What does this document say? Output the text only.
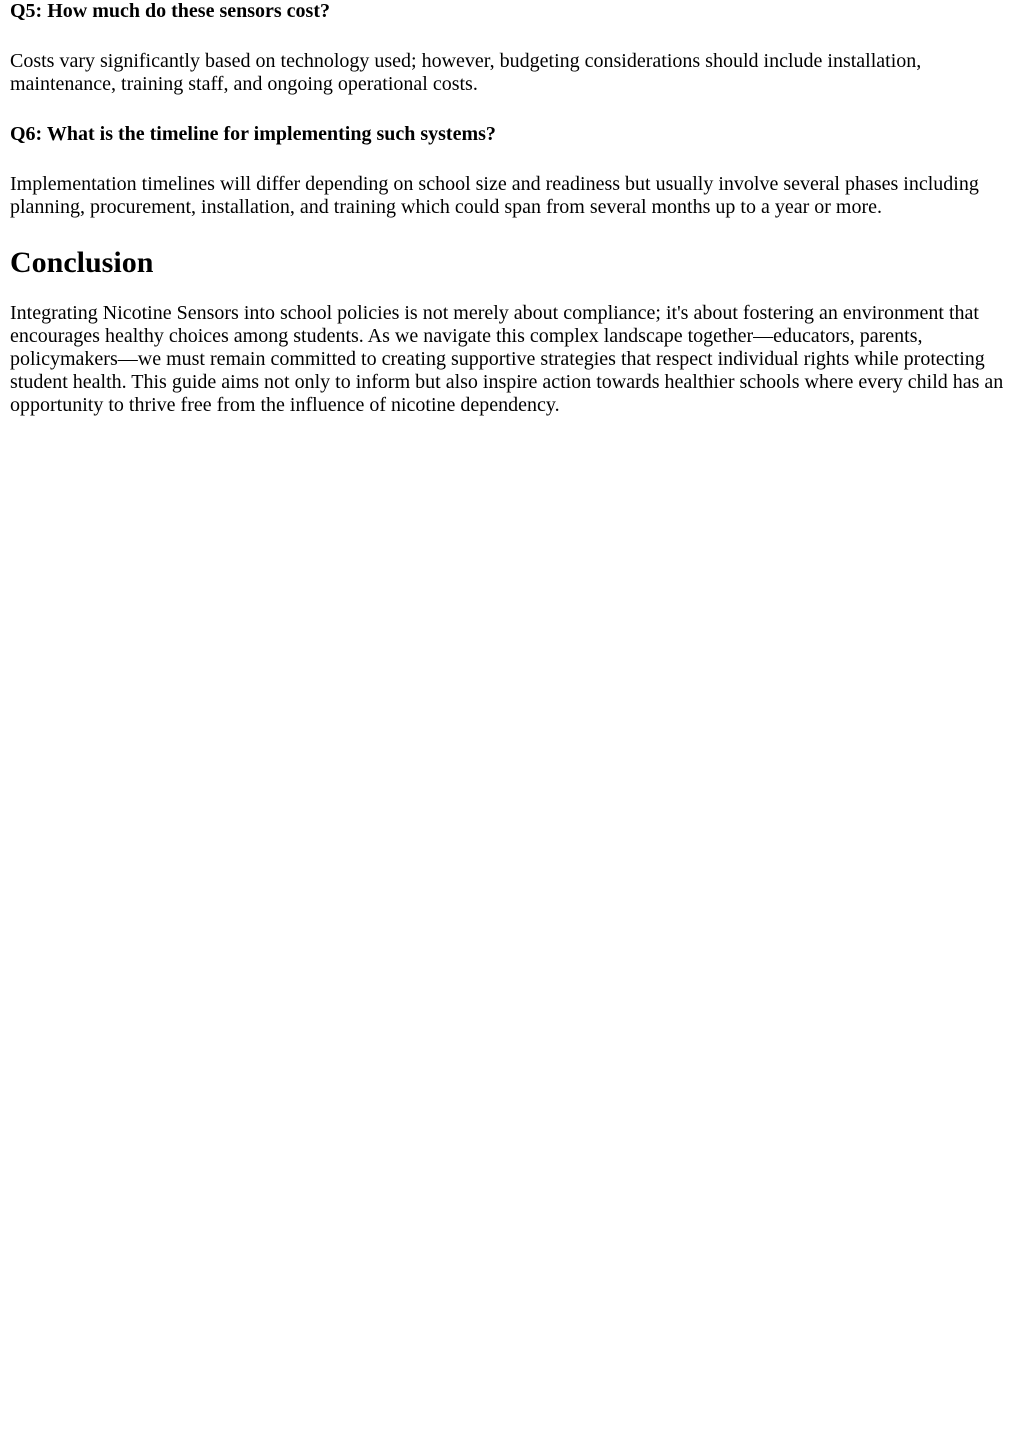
Q5: How much do these sensors cost?

Costs vary significantly based on technology used; however, budgeting considerations should include installation, maintenance, training staff, and ongoing operational costs.

Q6: What is the timeline for implementing such systems?

Implementation timelines will differ depending on school size and readiness but usually involve several phases including planning, procurement, installation, and training which could span from several months up to a year or more.

Conclusion

Integrating Nicotine Sensors into school policies is not merely about compliance; it's about fostering an environment that encourages healthy choices among students. As we navigate this complex landscape together—educators, parents, policymakers—we must remain committed to creating supportive strategies that respect individual rights while protecting student health. This guide aims not only to inform but also inspire action towards healthier schools where every child has an opportunity to thrive free from the influence of nicotine dependency.
